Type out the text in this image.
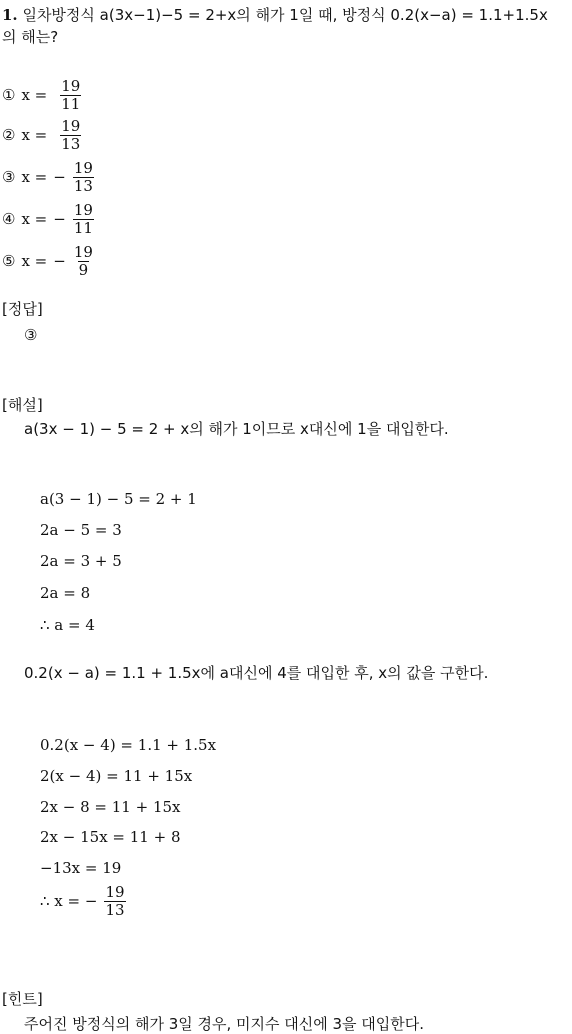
1. 일차방정식 a(3x−1)−5 = 2+x의 해가 1일 때, 방정식 0.2(x−a) = 1.1+1.5x
의 해는?
① $x = \frac{19}{11}$
② $x = \frac{19}{13}$
③ x = − $\frac{19}{13}$
④ x = − $\frac{19}{11}$
⑤ x = − $\frac{19}{9}$
[정답]
③
[해설]
a(3x − 1) − 5 = 2 + x의 해가 1이므로 x대신에 1을 대입한다.
a(3 − 1) − 5 = 2 + 1
2a − 5 = 3
2a = 3 + 5
2a = 8
∴ a = 4
0.2(x − a) = 1.1 + 1.5x에 a대신에 4를 대입한 후, x의 값을 구한다.
0.2(x − 4) = 1.1 + 1.5x
2(x − 4) = 11 + 15x
2x − 8 = 11 + 15x
2x − 15x = 11 + 8
−13x = 19
∴ x = − $\frac{19}{13}$
[힌트]
주어진 방정식의 해가 3일 경우, 미지수 대신에 3을 대입한다.
